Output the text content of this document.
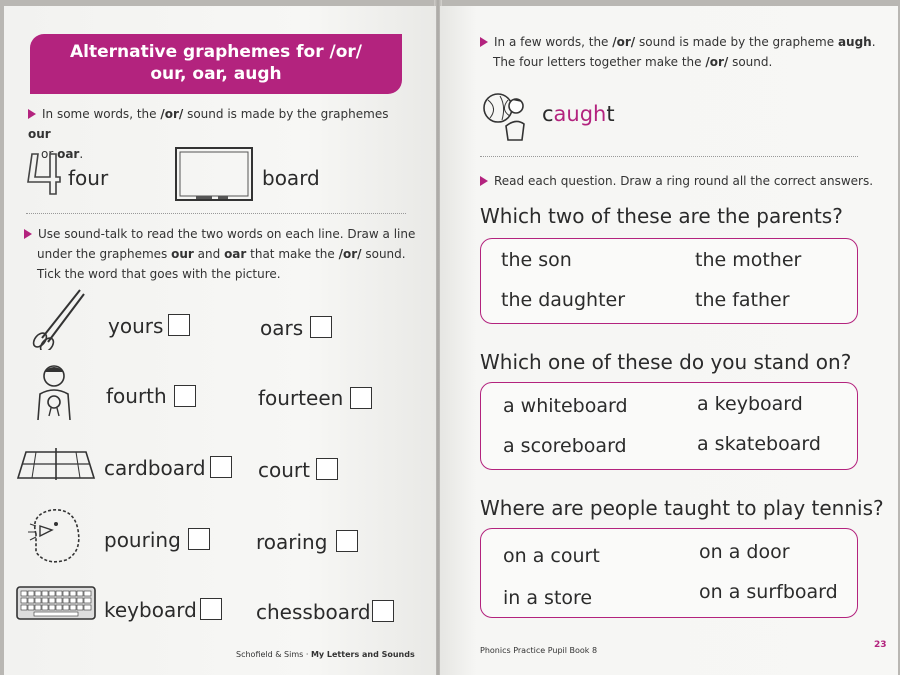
Alternative graphemes for /or/
our, oar, augh
In some words, the /or/ sound is made by the graphemes our
or oar.
four	board
Use sound-talk to read the two words on each line. Draw a line
under the graphemes our and oar that make the /or/ sound.
Tick the word that goes with the picture.
yours	oars
fourth	fourteen
cardboard	court
pouring	roaring
keyboard	chessboard
Schofield & Sims · My Letters and Sounds
In a few words, the /or/ sound is made by the grapheme augh.
The four letters together make the /or/ sound.
caught
Read each question. Draw a ring round all the correct answers.
Which two of these are the parents?
the son	the mother
the daughter	the father
Which one of these do you stand on?
a whiteboard	a keyboard
a scoreboard	a skateboard
Where are people taught to play tennis?
on a court	on a door
in a store	on a surfboard
Phonics Practice Pupil Book 8
23
